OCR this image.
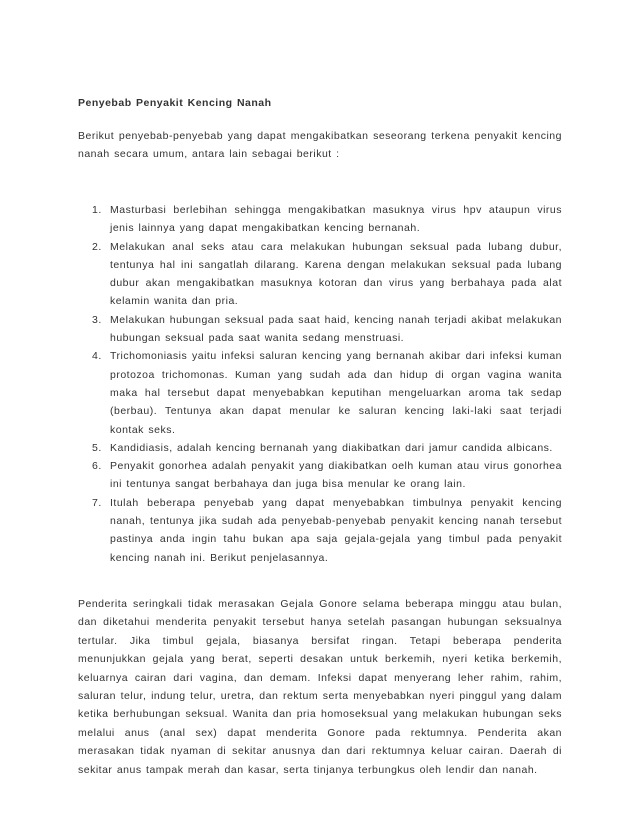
Penyebab Penyakit Kencing Nanah

Berikut penyebab-penyebab yang dapat mengakibatkan seseorang terkena penyakit kencing nanah secara umum, antara lain sebagai berikut :

1. Masturbasi berlebihan sehingga mengakibatkan masuknya virus hpv ataupun virus jenis lainnya yang dapat mengakibatkan kencing bernanah.
2. Melakukan anal seks atau cara melakukan hubungan seksual pada lubang dubur, tentunya hal ini sangatlah dilarang. Karena dengan melakukan seksual pada lubang dubur akan mengakibatkan masuknya kotoran dan virus yang berbahaya pada alat kelamin wanita dan pria.
3. Melakukan hubungan seksual pada saat haid, kencing nanah terjadi akibat melakukan hubungan seksual pada saat wanita sedang menstruasi.
4. Trichomoniasis yaitu infeksi saluran kencing yang bernanah akibar dari infeksi kuman protozoa trichomonas. Kuman yang sudah ada dan hidup di organ vagina wanita maka hal tersebut dapat menyebabkan keputihan mengeluarkan aroma tak sedap (berbau). Tentunya akan dapat menular ke saluran kencing laki-laki saat terjadi kontak seks.
5. Kandidiasis, adalah kencing bernanah yang diakibatkan dari jamur candida albicans.
6. Penyakit gonorhea adalah penyakit yang diakibatkan oelh kuman atau virus gonorhea ini tentunya sangat berbahaya dan juga bisa menular ke orang lain.
7. Itulah beberapa penyebab yang dapat menyebabkan timbulnya penyakit kencing nanah, tentunya jika sudah ada penyebab-penyebab penyakit kencing nanah tersebut pastinya anda ingin tahu bukan apa saja gejala-gejala yang timbul pada penyakit kencing nanah ini. Berikut penjelasannya.

Penderita seringkali tidak merasakan Gejala Gonore selama beberapa minggu atau bulan, dan diketahui menderita penyakit tersebut hanya setelah pasangan hubungan seksualnya tertular. Jika timbul gejala, biasanya bersifat ringan. Tetapi beberapa penderita menunjukkan gejala yang berat, seperti desakan untuk berkemih, nyeri ketika berkemih, keluarnya cairan dari vagina, dan demam. Infeksi dapat menyerang leher rahim, rahim, saluran telur, indung telur, uretra, dan rektum serta menyebabkan nyeri pinggul yang dalam ketika berhubungan seksual. Wanita dan pria homoseksual yang melakukan hubungan seks melalui anus (anal sex) dapat menderita Gonore pada rektumnya. Penderita akan merasakan tidak nyaman di sekitar anusnya dan dari rektumnya keluar cairan. Daerah di sekitar anus tampak merah dan kasar, serta tinjanya terbungkus oleh lendir dan nanah.
